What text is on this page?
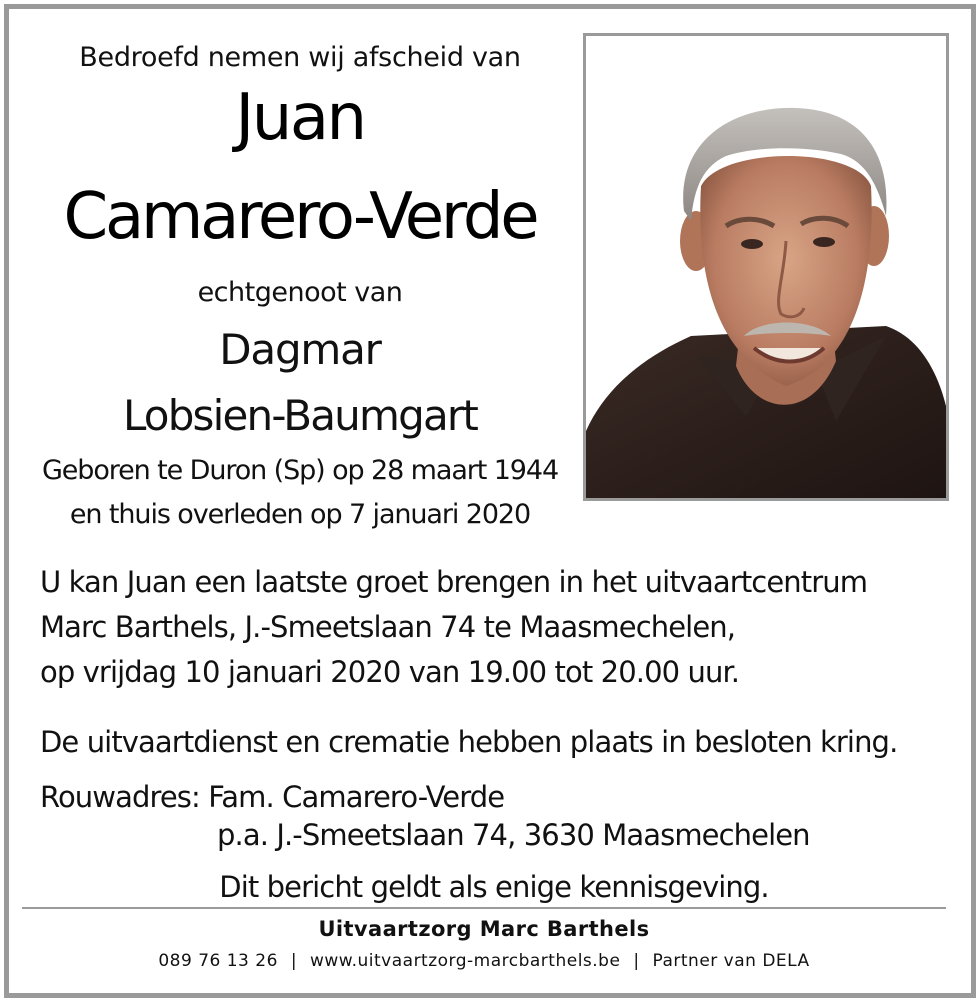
Bedroefd nemen wij afscheid van
Juan
Camarero-Verde
echtgenoot van
Dagmar
Lobsien-Baumgart
Geboren te Duron (Sp) op 28 maart 1944
en thuis overleden op 7 januari 2020
U kan Juan een laatste groet brengen in het uitvaartcentrum
Marc Barthels, J.-Smeetslaan 74 te Maasmechelen,
op vrijdag 10 januari 2020 van 19.00 tot 20.00 uur.
De uitvaartdienst en crematie hebben plaats in besloten kring.
Rouwadres: Fam. Camarero-Verde
p.a. J.-Smeetslaan 74, 3630 Maasmechelen
Dit bericht geldt als enige kennisgeving.
Uitvaartzorg Marc Barthels
089 76 13 26 | www.uitvaartzorg-marcbarthels.be | Partner van DELA
